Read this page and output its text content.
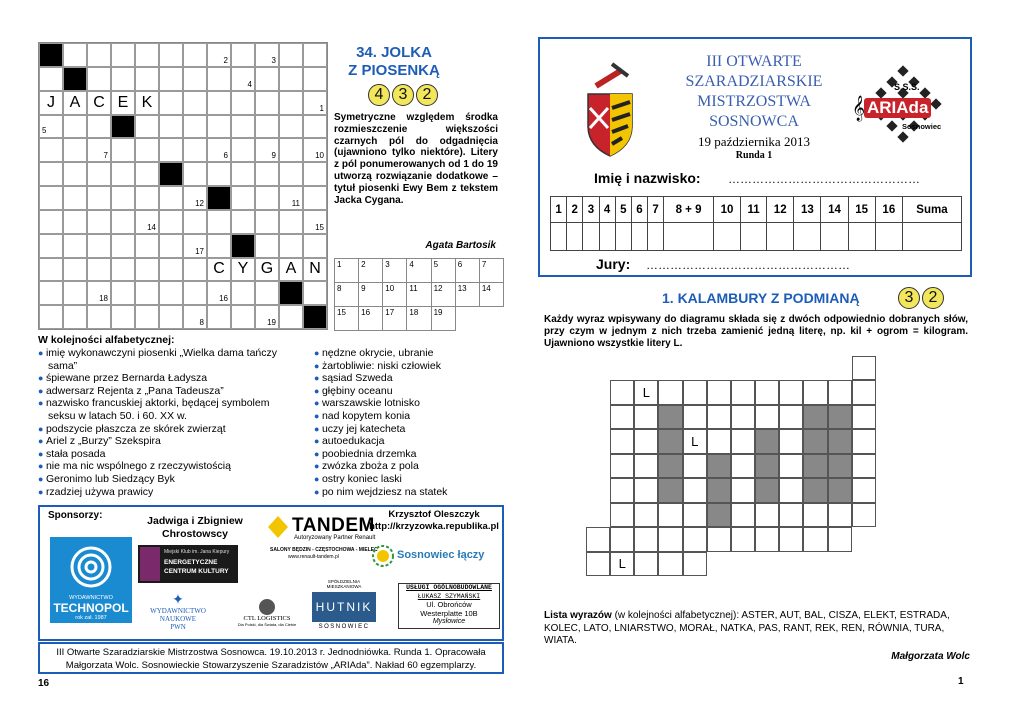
2	3
4
J A C E K	1
5
7	6	9	10
12	11
14	15
17
C Y G A N
18	16
8	19	13
34. JOLKA
Z PIOSENKĄ
4 3 2
Symetryczne względem środka rozmieszczenie większości czarnych pól do odgadnięcia (ujawniono tylko niektóre). Litery z pól ponumerowanych od 1 do 19 utworzą rozwiązanie dodatkowe – tytuł piosenki Ewy Bem z tekstem Jacka Cygana.
Agata Bartosik
1	2	3	4	5	6	7
8	9	10	11	12	13	14
15	16	17	18	19		
W kolejności alfabetycznej:
● imię wykonawczyni piosenki „Wielka dama tańczy sama”
● śpiewane przez Bernarda Ładysza
● adwersarz Rejenta z „Pana Tadeusza”
● nazwisko francuskiej aktorki, będącej symbolem seksu w latach 50. i 60. XX w.
● podszycie płaszcza ze skórek zwierząt
● Ariel z „Burzy” Szekspira
● stała posada
● nie ma nic wspólnego z rzeczywistością
● Geronimo lub Siedzący Byk
● rzadziej używa prawicy
● nędzne okrycie, ubranie
● żartobliwie: niski człowiek
● sąsiad Szweda
● głębiny oceanu
● warszawskie lotnisko
● nad kopytem konia
● uczy jej katecheta
● autoedukacja
● poobiednia drzemka
● zwózka zboża z pola
● ostry koniec laski
● po nim wejdziesz na statek
Sponsorzy:	Jadwiga i Zbigniew Chrostowscy	TANDEM
Autoryzowany Partner Renault
SALONY BĘDZIN - CZĘSTOCHOWA - MIELEC
www.renault-tandem.pl
Krzysztof Oleszczyk
http://krzyzowka.republika.pl
WYDAWNICTWO
TECHNOPOL
rok zał. 1987
Miejski Klub im. Jana Kiepury
ENERGETYCZNE
CENTRUM KULTURY
Sosnowiec łączy
✦
WYDAWNICTWO
NAUKOWE
PWN
CTL LOGISTICS
Dla Polski, dla Świata, dla Ciebie
SPÓŁDZIELNIA MIESZKANIOWA
HUTNIK
SOSNOWIEC
USŁUGI OGÓLNOBUDOWLANE
ŁUKASZ SZYMAŃSKI
Ul. Obrońców
Westerplatte 10B
Mysłowice
III Otwarte Szaradziarskie Mistrzostwa Sosnowca. 19.10.2013 r. Jednodniówka. Runda 1. Opracowała Małgorzata Wolc. Sosnowieckie Stowarzyszenie Szaradzistów „ARIAda”. Nakład 60 egzemplarzy.
16
III OTWARTE
SZARADZIARSKIE
MISTRZOSTWA
SOSNOWCA
19 października 2013
Runda 1
S.S.S.
ARIAda
𝄞
Sosnowiec
Imię i nazwisko: …………………………………………
1	2	3	4	5	6	7	8 + 9	10	11	12	13	14	15	16	Suma

Jury: ……………………………………………
1. KALAMBURY Z PODMIANĄ	3 2
Każdy wyraz wpisywany do diagramu składa się z dwóch odpowiednio dobranych słów, przy czym w jednym z nich trzeba zamienić jedną literę, np. kil + ogrom = kilogram. Ujawniono wszystkie litery L.
L
L
L
Lista wyrazów (w kolejności alfabetycznej): ASTER, AUT, BAL, CISZA, ELEKT, ESTRADA, KOLEC, LATO, LNIARSTWO, MORAŁ, NATKA, PAS, RANT, REK, REN, RÓWNIA, TURA, WIATA.
Małgorzata Wolc
1
